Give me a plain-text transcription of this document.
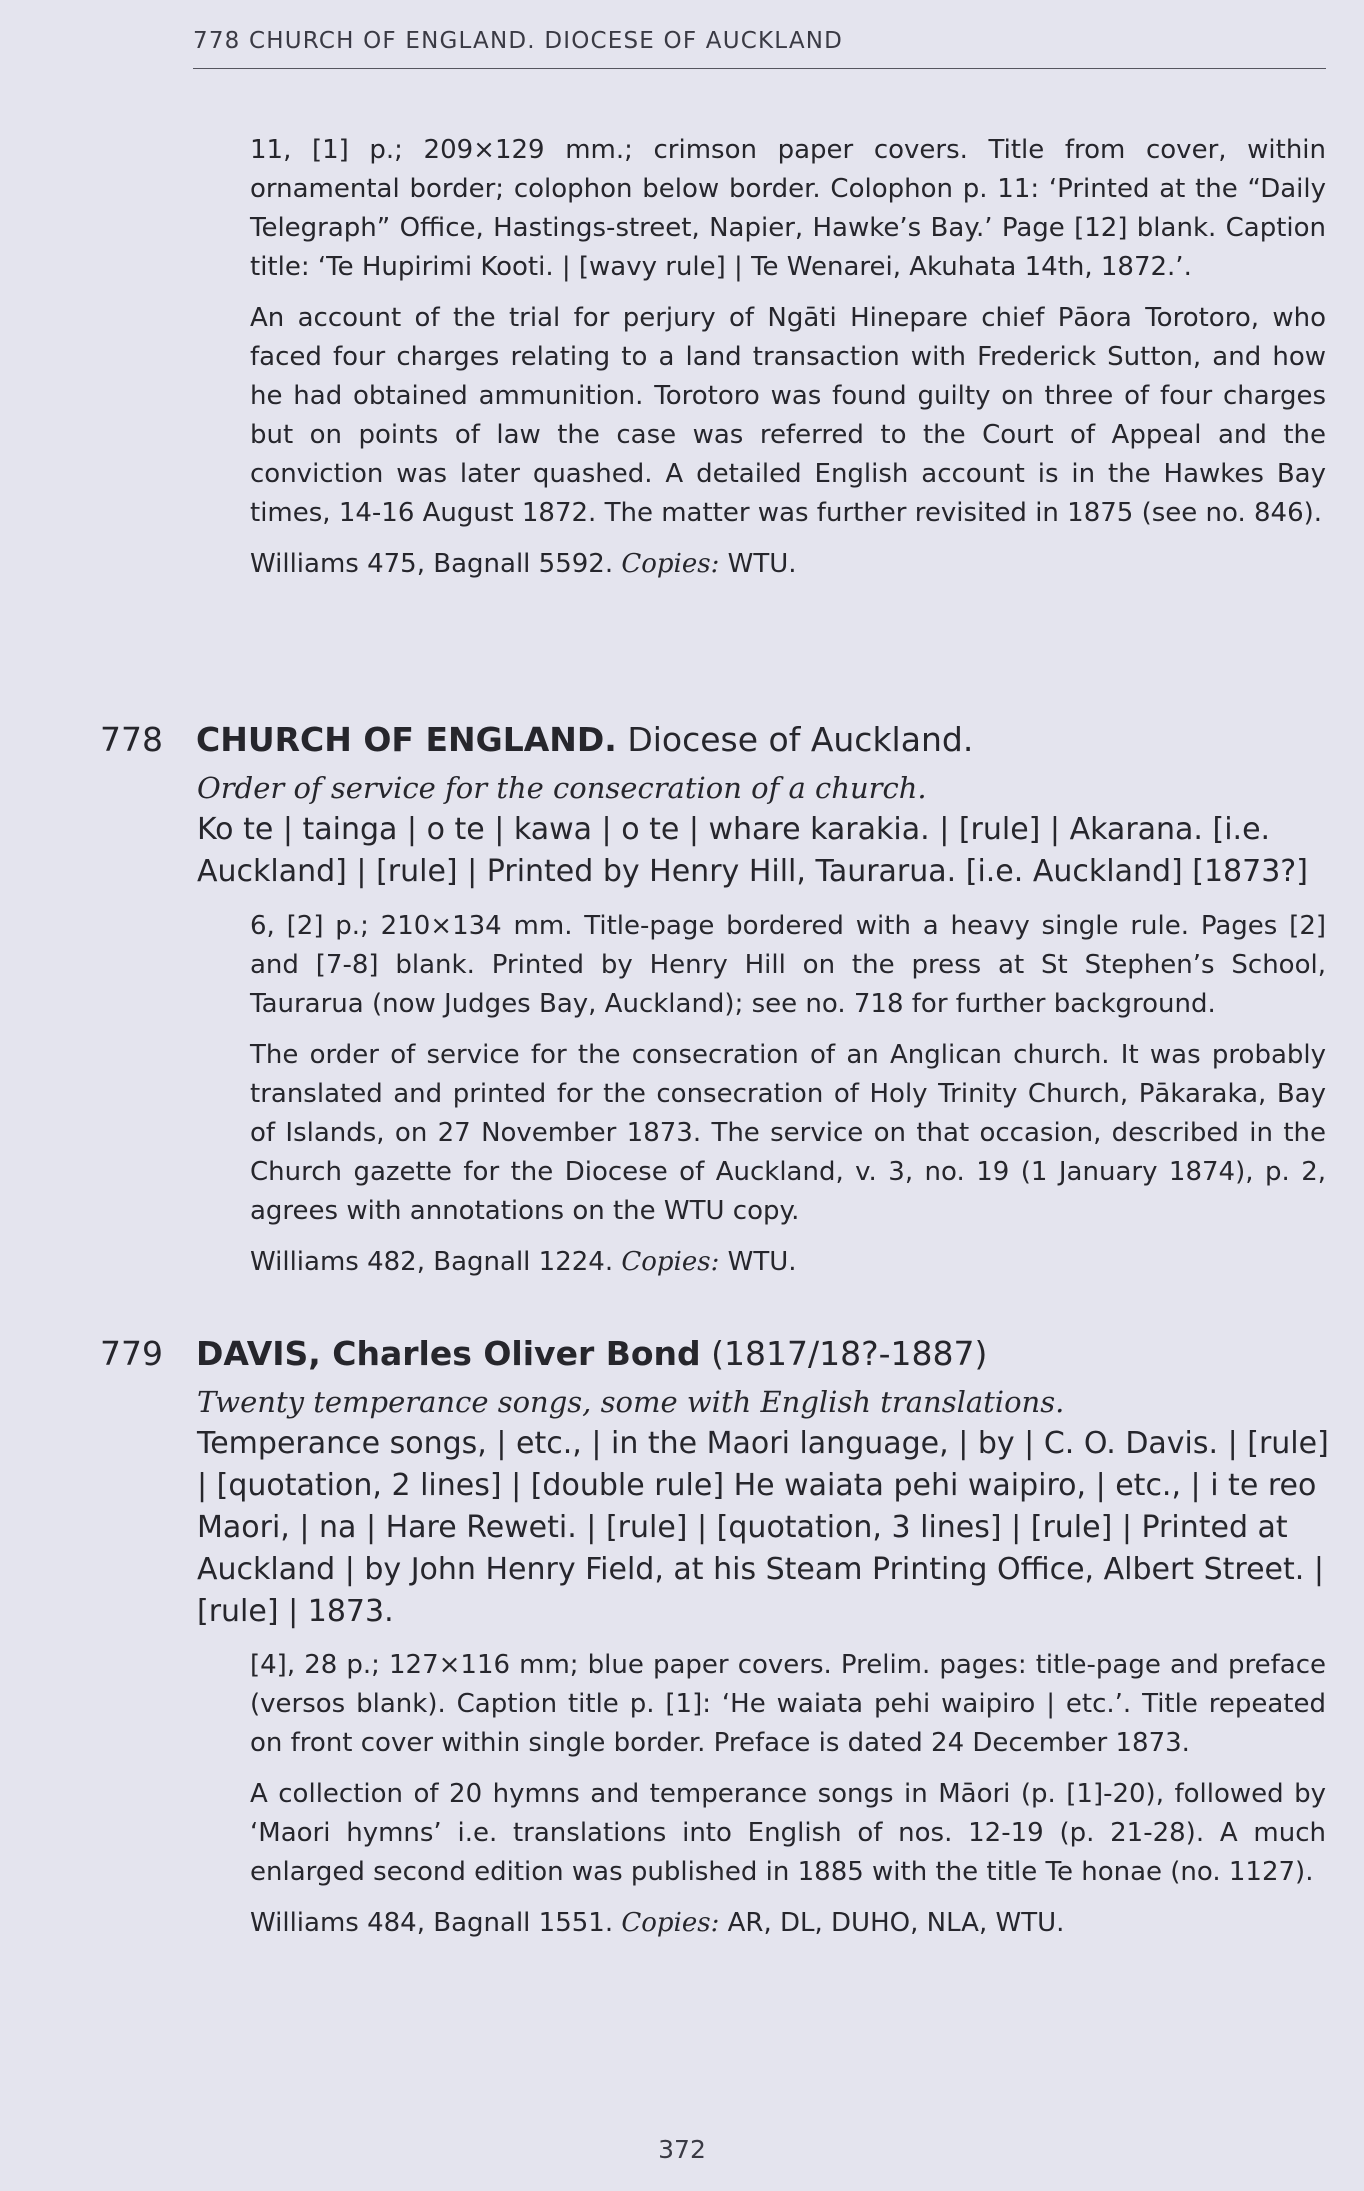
778 CHURCH OF ENGLAND. DIOCESE OF AUCKLAND

11, [1] p.; 209×129 mm.; crimson paper covers. Title from cover, within ornamental border; colophon below border. Colophon p. 11: ‘Printed at the “Daily Telegraph” Office, Hastings-street, Napier, Hawke’s Bay.’ Page [12] blank. Caption title: ‘Te Hupirimi Kooti. | [wavy rule] | Te Wenarei, Akuhata 14th, 1872.’.

An account of the trial for perjury of Ngāti Hinepare chief Pāora Torotoro, who faced four charges relating to a land transaction with Frederick Sutton, and how he had obtained ammunition. Torotoro was found guilty on three of four charges but on points of law the case was referred to the Court of Appeal and the conviction was later quashed. A detailed English account is in the Hawkes Bay times, 14-16 August 1872. The matter was further revisited in 1875 (see no. 846).

Williams 475, Bagnall 5592. Copies: WTU.

778 CHURCH OF ENGLAND. Diocese of Auckland.

Order of service for the consecration of a church.

Ko te | tainga | o te | kawa | o te | whare karakia. | [rule] | Akarana. [i.e. Auckland] | [rule] | Printed by Henry Hill, Taurarua. [i.e. Auckland] [1873?]

6, [2] p.; 210×134 mm. Title-page bordered with a heavy single rule. Pages [2] and [7-8] blank. Printed by Henry Hill on the press at St Stephen’s School, Taurarua (now Judges Bay, Auckland); see no. 718 for further background.

The order of service for the consecration of an Anglican church. It was probably translated and printed for the consecration of Holy Trinity Church, Pākaraka, Bay of Islands, on 27 November 1873. The service on that occasion, described in the Church gazette for the Diocese of Auckland, v. 3, no. 19 (1 January 1874), p. 2, agrees with annotations on the WTU copy.

Williams 482, Bagnall 1224. Copies: WTU.

779 DAVIS, Charles Oliver Bond (1817/18?-1887)

Twenty temperance songs, some with English translations.

Temperance songs, | etc., | in the Maori language, | by | C. O. Davis. | [rule] | [quotation, 2 lines] | [double rule] He waiata pehi waipiro, | etc., | i te reo Maori, | na | Hare Reweti. | [rule] | [quotation, 3 lines] | [rule] | Printed at Auckland | by John Henry Field, at his Steam Printing Office, Albert Street. | [rule] | 1873.

[4], 28 p.; 127×116 mm; blue paper covers. Prelim. pages: title-page and preface (versos blank). Caption title p. [1]: ‘He waiata pehi waipiro | etc.’. Title repeated on front cover within single border. Preface is dated 24 December 1873.

A collection of 20 hymns and temperance songs in Māori (p. [1]-20), followed by ‘Maori hymns’ i.e. translations into English of nos. 12-19 (p. 21-28). A much enlarged second edition was published in 1885 with the title Te honae (no. 1127).

Williams 484, Bagnall 1551. Copies: AR, DL, DUHO, NLA, WTU.

372
